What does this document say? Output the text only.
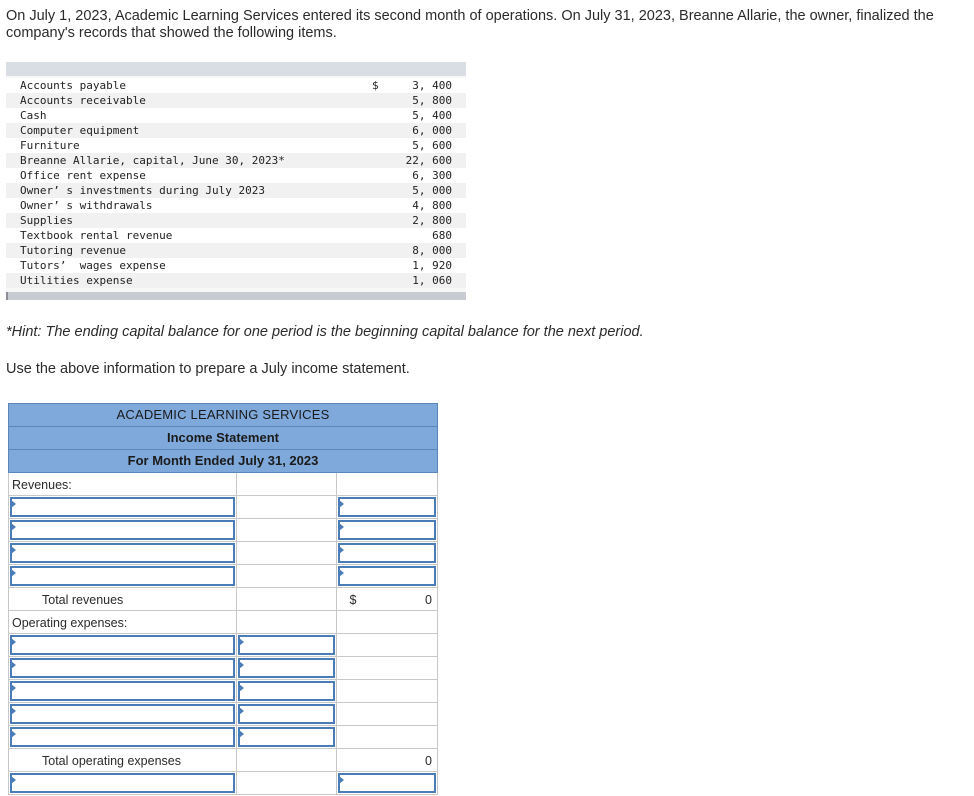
On July 1, 2023, Academic Learning Services entered its second month of operations. On July 31, 2023, Breanne Allarie, the owner, finalized the company's records that showed the following items.
Accounts payable	$	3, 400
Accounts receivable	5, 800
Cash	5, 400
Computer equipment	6, 000
Furniture	5, 600
Breanne Allarie, capital, June 30, 2023*	22, 600
Office rent expense	6, 300
Owner’ s investments during July 2023	5, 000
Owner’ s withdrawals	4, 800
Supplies	2, 800
Textbook rental revenue	680
Tutoring revenue	8, 000
Tutors’  wages expense	1, 920
Utilities expense	1, 060
*Hint: The ending capital balance for one period is the beginning capital balance for the next period.
Use the above information to prepare a July income statement.
ACADEMIC LEARNING SERVICES
Income Statement
For Month Ended July 31, 2023
Revenues:
Total revenues	$	0
Operating expenses:
Total operating expenses	0
